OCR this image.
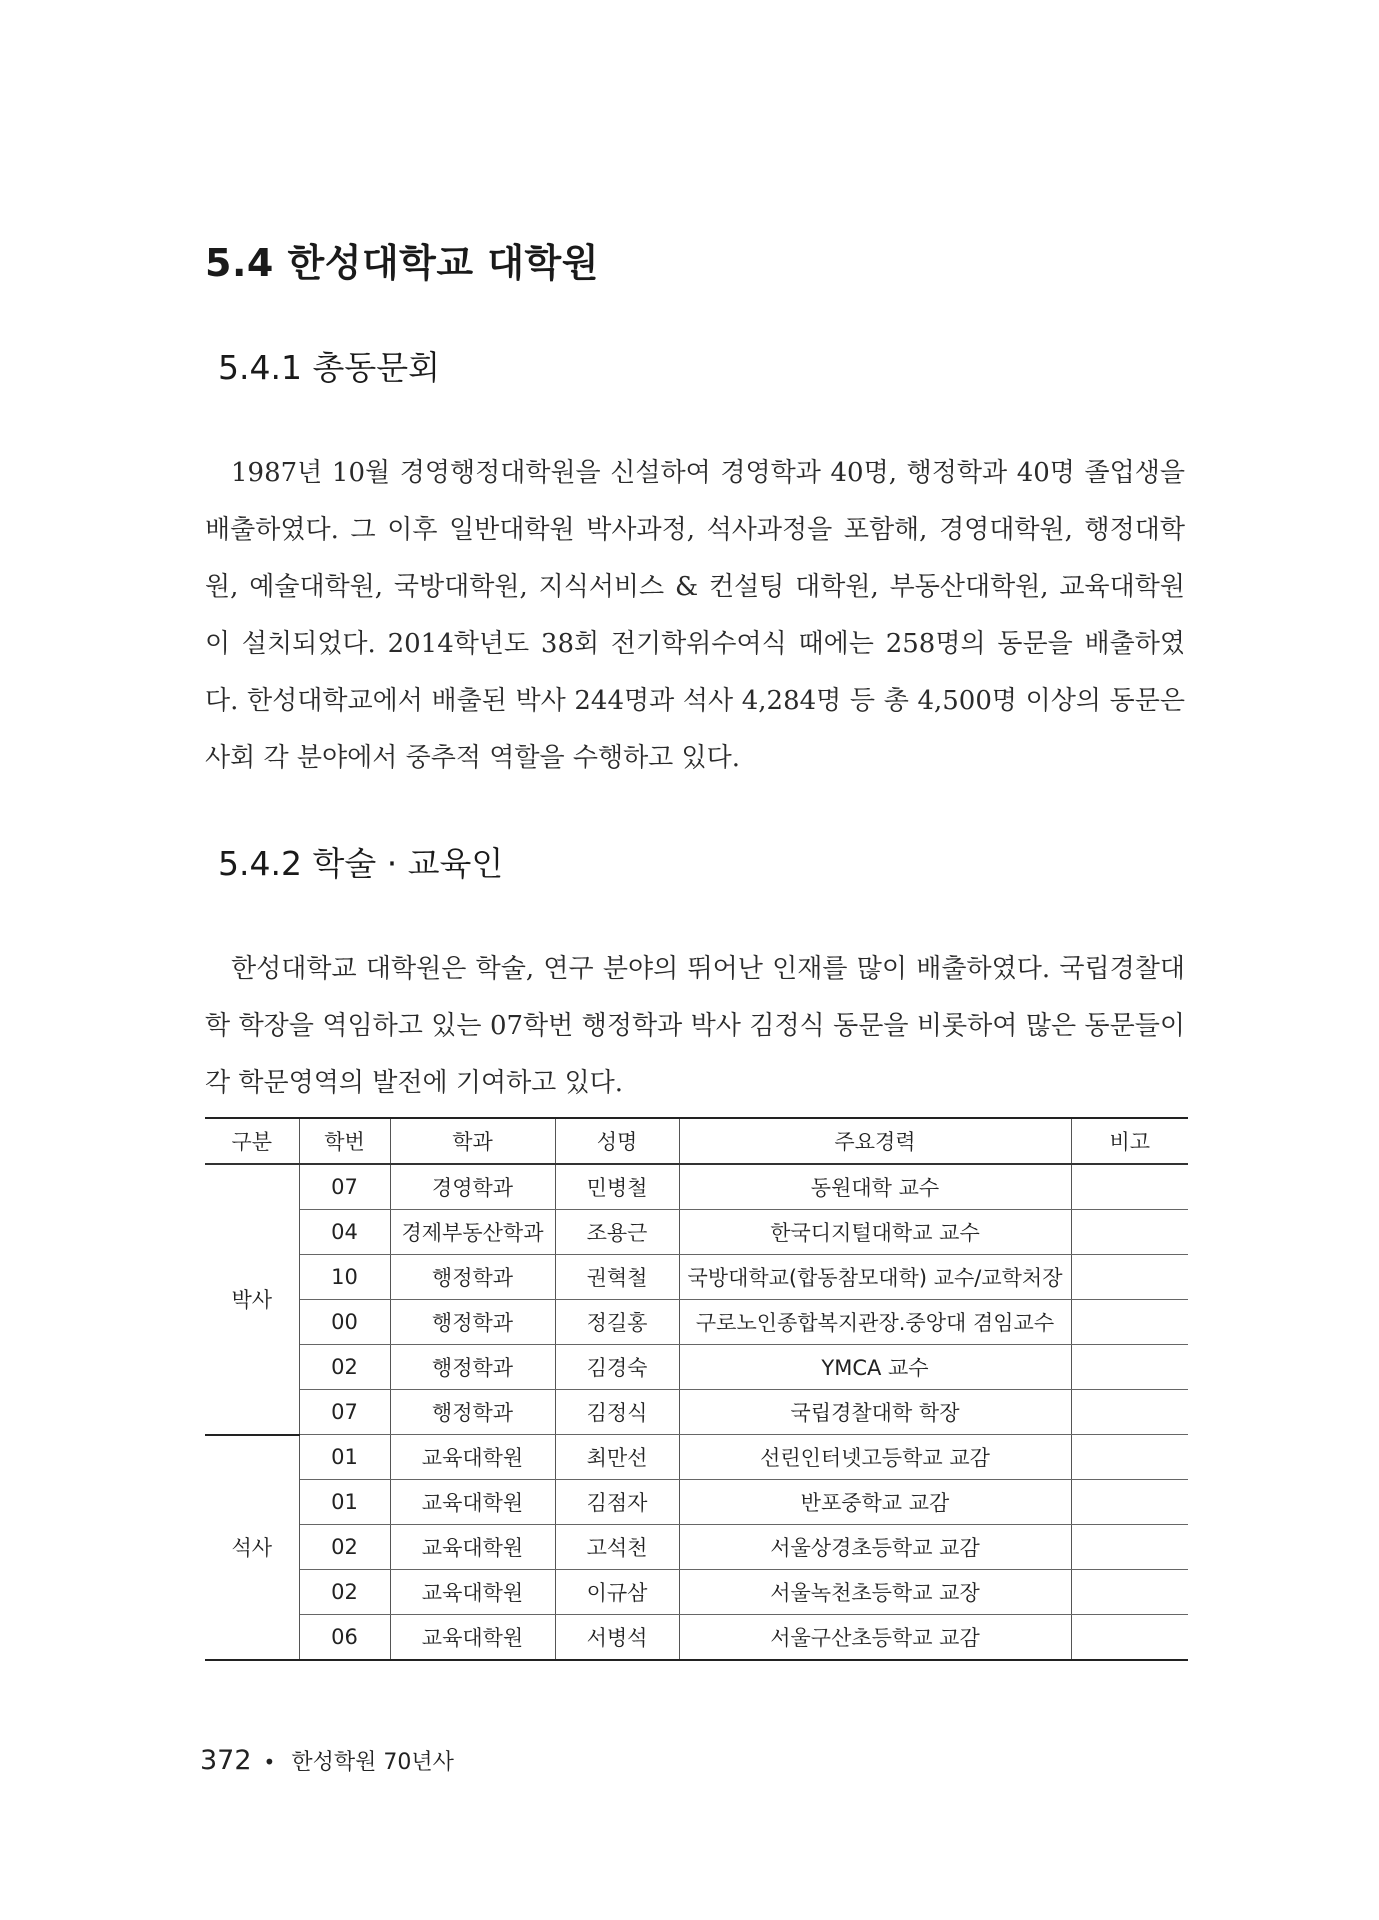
5.4 한성대학교 대학원
5.4.1 총동문회

1987년 10월 경영행정대학원을 신설하여 경영학과 40명, 행정학과 40명 졸업생을 배출하였다. 그 이후 일반대학원 박사과정, 석사과정을 포함해, 경영대학원, 행정대학원, 예술대학원, 국방대학원, 지식서비스 & 컨설팅 대학원, 부동산대학원, 교육대학원이 설치되었다. 2014학년도 38회 전기학위수여식 때에는 258명의 동문을 배출하였다. 한성대학교에서 배출된 박사 244명과 석사 4,284명 등 총 4,500명 이상의 동문은 사회 각 분야에서 중추적 역할을 수행하고 있다.

5.4.2 학술 · 교육인

한성대학교 대학원은 학술, 연구 분야의 뛰어난 인재를 많이 배출하였다. 국립경찰대학 학장을 역임하고 있는 07학번 행정학과 박사 김정식 동문을 비롯하여 많은 동문들이 각 학문영역의 발전에 기여하고 있다.

구분	학번	학과	성명	주요경력	비고
박사	07	경영학과	민병철	동원대학 교수	
	04	경제부동산학과	조용근	한국디지털대학교 교수	
	10	행정학과	권혁철	국방대학교(합동참모대학) 교수/교학처장	
	00	행정학과	정길홍	구로노인종합복지관장.중앙대 겸임교수	
	02	행정학과	김경숙	YMCA 교수	
	07	행정학과	김정식	국립경찰대학 학장	
석사	01	교육대학원	최만선	선린인터넷고등학교 교감	
	01	교육대학원	김점자	반포중학교 교감	
	02	교육대학원	고석천	서울상경초등학교 교감	
	02	교육대학원	이규삼	서울녹천초등학교 교장	
	06	교육대학원	서병석	서울구산초등학교 교감	
372 • 한성학원 70년사
